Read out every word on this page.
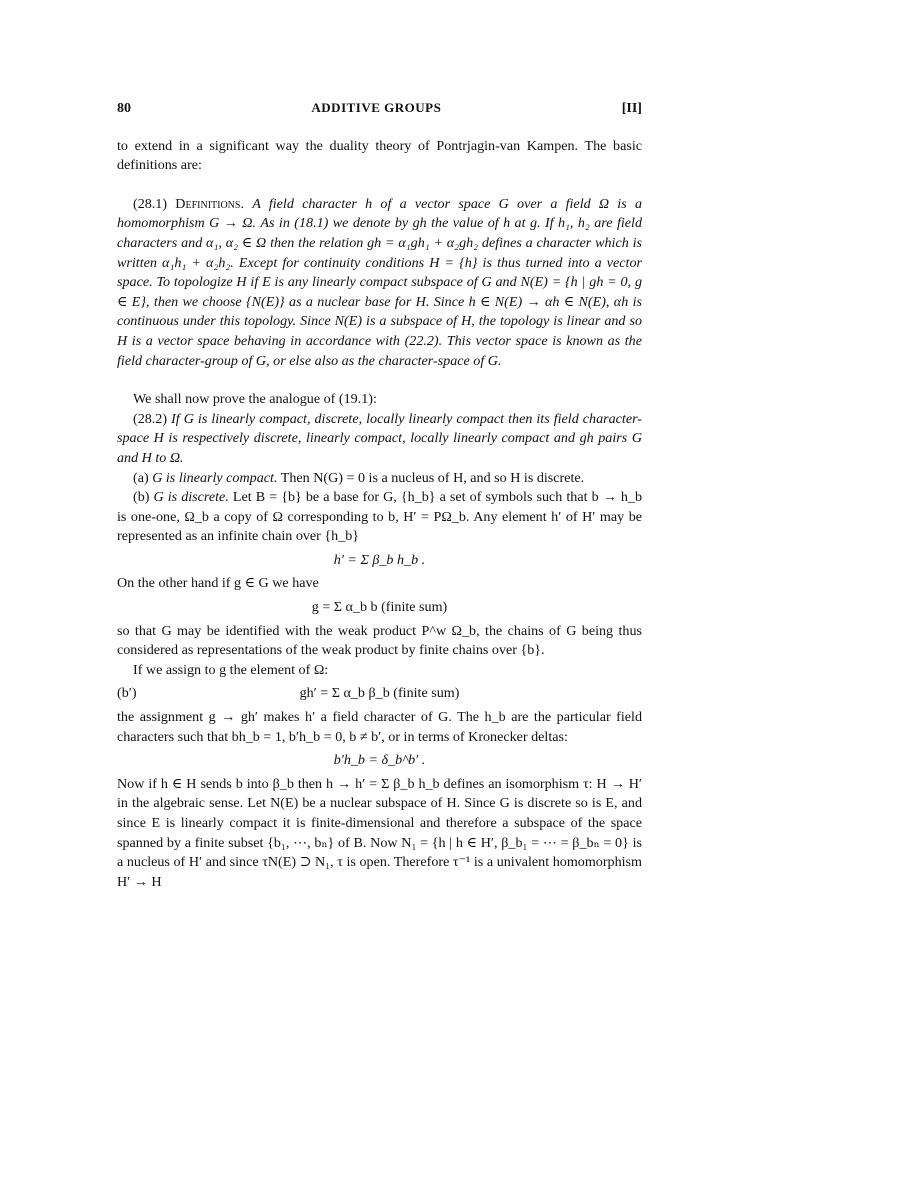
80	ADDITIVE GROUPS	[II]

to extend in a significant way the duality theory of Pontrjagin-van Kampen. The basic definitions are:

(28.1) Definitions. A field character h of a vector space G over a field Ω is a homomorphism G → Ω. As in (18.1) we denote by gh the value of h at g. If h₁, h₂ are field characters and α₁, α₂ ∈ Ω then the relation gh = α₁gh₁ + α₂gh₂ defines a character which is written α₁h₁ + α₂h₂. Except for continuity conditions H = {h} is thus turned into a vector space. To topologize H if E is any linearly compact subspace of G and N(E) = {h | gh = 0, g ∈ E}, then we choose {N(E)} as a nuclear base for H. Since h ∈ N(E) → αh ∈ N(E), αh is continuous under this topology. Since N(E) is a subspace of H, the topology is linear and so H is a vector space behaving in accordance with (22.2). This vector space is known as the field character-group of G, or else also as the character-space of G.

We shall now prove the analogue of (19.1):

(28.2) If G is linearly compact, discrete, locally linearly compact then its field character-space H is respectively discrete, linearly compact, locally linearly compact and gh pairs G and H to Ω.

(a) G is linearly compact. Then N(G) = 0 is a nucleus of H, and so H is discrete.

(b) G is discrete. Let B = {b} be a base for G, {h_b} a set of symbols such that b → h_b is one-one, Ω_b a copy of Ω corresponding to b, H′ = PΩ_b. Any element h′ of H′ may be represented as an infinite chain over {h_b}

h′ = Σ β_b h_b .

On the other hand if g ∈ G we have

g = Σ α_b b (finite sum)

so that G may be identified with the weak product P^w Ω_b, the chains of G being thus considered as representations of the weak product by finite chains over {b}.

If we assign to g the element of Ω:

(b′)	gh′ = Σ α_b β_b (finite sum)

the assignment g → gh′ makes h′ a field character of G. The h_b are the particular field characters such that bh_b = 1, b′h_b = 0, b ≠ b′, or in terms of Kronecker deltas:

b′h_b = δ_b^b′ .

Now if h ∈ H sends b into β_b then h → h′ = Σ β_b h_b defines an isomorphism τ: H → H′ in the algebraic sense. Let N(E) be a nuclear subspace of H. Since G is discrete so is E, and since E is linearly compact it is finite-dimensional and therefore a subspace of the space spanned by a finite subset {b₁, ⋯, bₙ} of B. Now N₁ = {h | h ∈ H′, β_b₁ = ⋯ = β_bₙ = 0} is a nucleus of H′ and since τN(E) ⊃ N₁, τ is open. Therefore τ⁻¹ is a univalent homomorphism H′ → H
